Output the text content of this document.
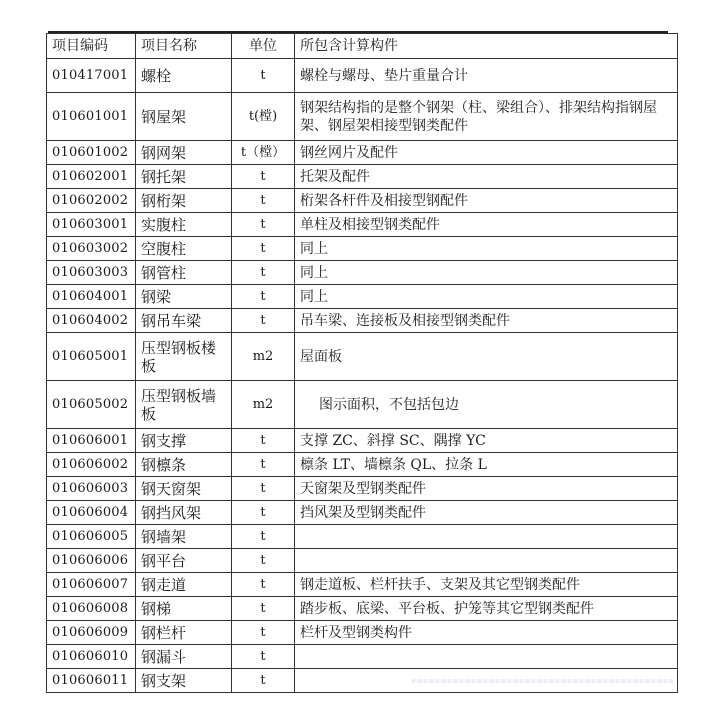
项目编码	项目名称	单位	所包含计算构件
010417001	螺栓	t	螺栓与螺母、垫片重量合计
010601001	钢屋架	t(樘)	钢架结构指的是整个钢架（柱、梁组合）、排架结构指钢屋架、钢屋架相接型钢类配件
010601002	钢网架	t（樘）	钢丝网片及配件
010602001	钢托架	t	托架及配件
010602002	钢桁架	t	桁架各杆件及相接型钢配件
010603001	实腹柱	t	单柱及相接型钢类配件
010603002	空腹柱	t	同上
010603003	钢管柱	t	同上
010604001	钢梁	t	同上
010604002	钢吊车梁	t	吊车梁、连接板及相接型钢类配件
010605001	压型钢板楼板	m2	屋面板
010605002	压型钢板墙板	m2	图示面积，不包括包边
010606001	钢支撑	t	支撑 ZC、斜撑 SC、隅撑 YC
010606002	钢檩条	t	檩条 LT、墙檩条 QL、拉条 L
010606003	钢天窗架	t	天窗架及型钢类配件
010606004	钢挡风架	t	挡风架及型钢类配件
010606005	钢墙架	t	
010606006	钢平台	t	
010606007	钢走道	t	钢走道板、栏杆扶手、支架及其它型钢类配件
010606008	钢梯	t	踏步板、底梁、平台板、护笼等其它型钢类配件
010606009	钢栏杆	t	栏杆及型钢类构件
010606010	钢漏斗	t	
010606011	钢支架	t	
